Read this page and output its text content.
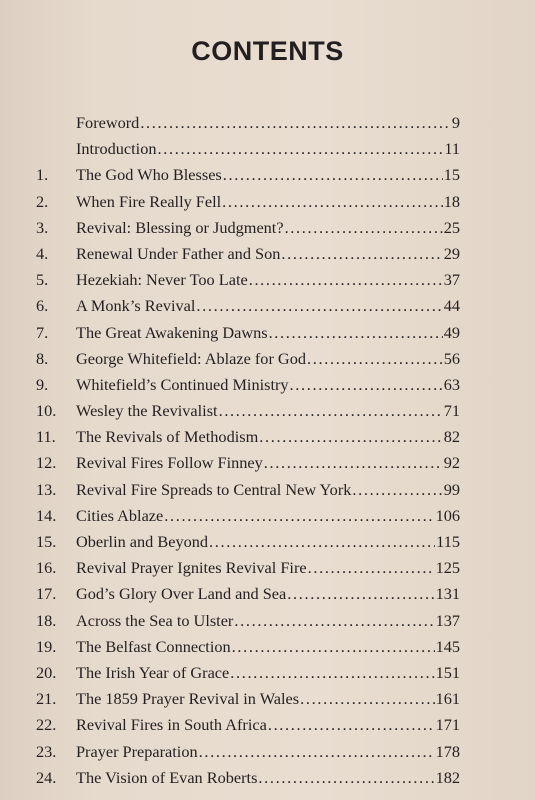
CONTENTS
Foreword . . .	9
Introduction . . .	11
1.	The God Who Blesses . . .	15
2.	When Fire Really Fell . . .	18
3.	Revival: Blessing or Judgment? . . .	25
4.	Renewal Under Father and Son . . .	29
5.	Hezekiah: Never Too Late . . .	37
6.	A Monk’s Revival . . .	44
7.	The Great Awakening Dawns . . .	49
8.	George Whitefield: Ablaze for God . . .	56
9.	Whitefield’s Continued Ministry . . .	63
10.	Wesley the Revivalist . . .	71
11.	The Revivals of Methodism . . .	82
12.	Revival Fires Follow Finney . . .	92
13.	Revival Fire Spreads to Central New York . . .	99
14.	Cities Ablaze . . .	106
15.	Oberlin and Beyond . . .	115
16.	Revival Prayer Ignites Revival Fire . . .	125
17.	God’s Glory Over Land and Sea . . .	131
18.	Across the Sea to Ulster . . .	137
19.	The Belfast Connection . . .	145
20.	The Irish Year of Grace . . .	151
21.	The 1859 Prayer Revival in Wales . . .	161
22.	Revival Fires in South Africa . . .	171
23.	Prayer Preparation . . .	178
24.	The Vision of Evan Roberts . . .	182
